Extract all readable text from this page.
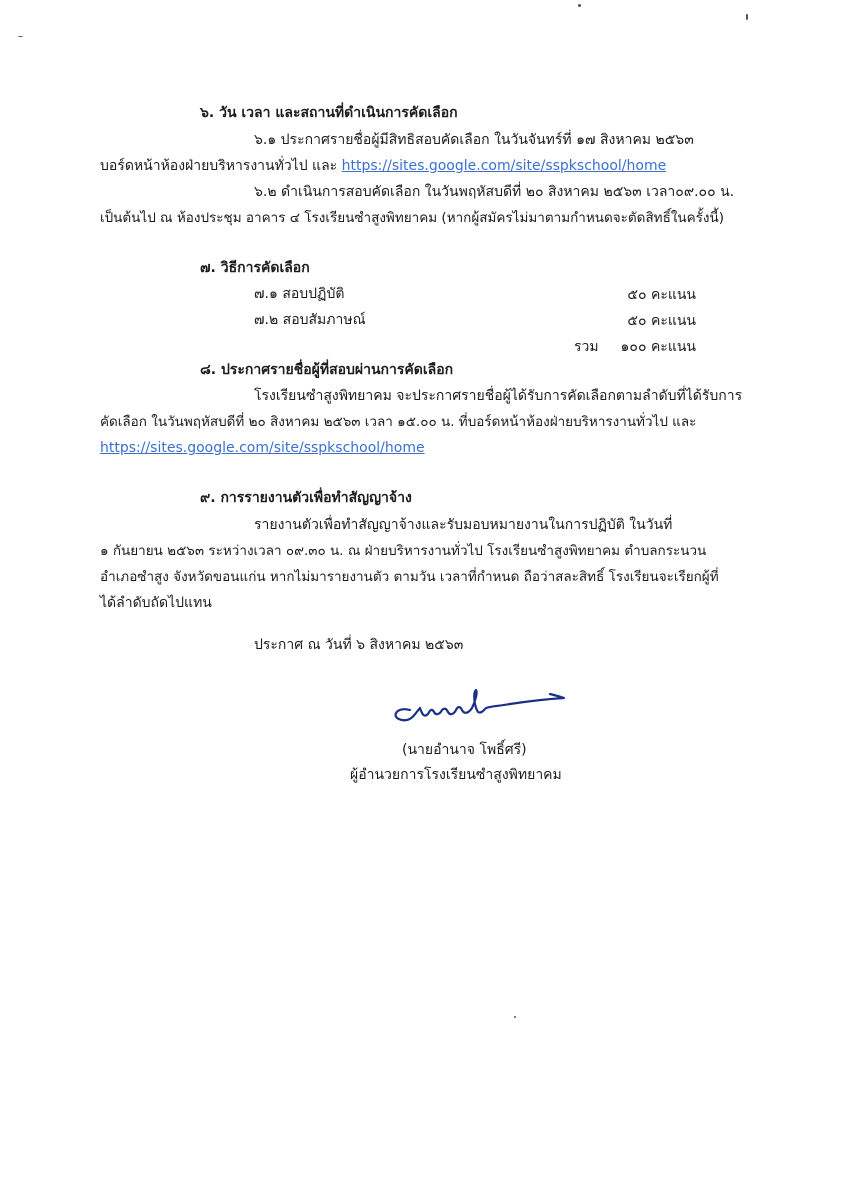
๖. วัน เวลา และสถานที่ดำเนินการคัดเลือก
๖.๑ ประกาศรายชื่อผู้มีสิทธิสอบคัดเลือก ในวันจันทร์ที่ ๑๗ สิงหาคม ๒๕๖๓
บอร์ดหน้าห้องฝ่ายบริหารงานทั่วไป และ https://sites.google.com/site/sspkschool/home
๖.๒ ดำเนินการสอบคัดเลือก ในวันพฤหัสบดีที่ ๒๐ สิงหาคม ๒๕๖๓ เวลา๐๙.๐๐ น.
เป็นต้นไป ณ ห้องประชุม อาคาร ๔ โรงเรียนซำสูงพิทยาคม (หากผู้สมัครไม่มาตามกำหนดจะตัดสิทธิ์ในครั้งนี้)
๗. วิธีการคัดเลือก
๗.๑ สอบปฏิบัติ	๕๐ คะแนน
๗.๒ สอบสัมภาษณ์	๕๐ คะแนน
รวม	๑๐๐ คะแนน
๘. ประกาศรายชื่อผู้ที่สอบผ่านการคัดเลือก
โรงเรียนซำสูงพิทยาคม จะประกาศรายชื่อผู้ได้รับการคัดเลือกตามลำดับที่ได้รับการ
คัดเลือก ในวันพฤหัสบดีที่ ๒๐ สิงหาคม ๒๕๖๓ เวลา ๑๕.๐๐ น. ที่บอร์ดหน้าห้องฝ่ายบริหารงานทั่วไป และ
https://sites.google.com/site/sspkschool/home
๙. การรายงานตัวเพื่อทำสัญญาจ้าง
รายงานตัวเพื่อทำสัญญาจ้างและรับมอบหมายงานในการปฏิบัติ ในวันที่
๑ กันยายน ๒๕๖๓ ระหว่างเวลา ๐๙.๓๐ น. ณ ฝ่ายบริหารงานทั่วไป โรงเรียนซำสูงพิทยาคม ตำบลกระนวน
อำเภอซำสูง จังหวัดขอนแก่น หากไม่มารายงานตัว ตามวัน เวลาที่กำหนด ถือว่าสละสิทธิ์ โรงเรียนจะเรียกผู้ที่
ได้ลำดับถัดไปแทน
ประกาศ ณ วันที่ ๖ สิงหาคม ๒๕๖๓
(นายอำนาจ โพธิ์ศรี)
ผู้อำนวยการโรงเรียนซำสูงพิทยาคม
